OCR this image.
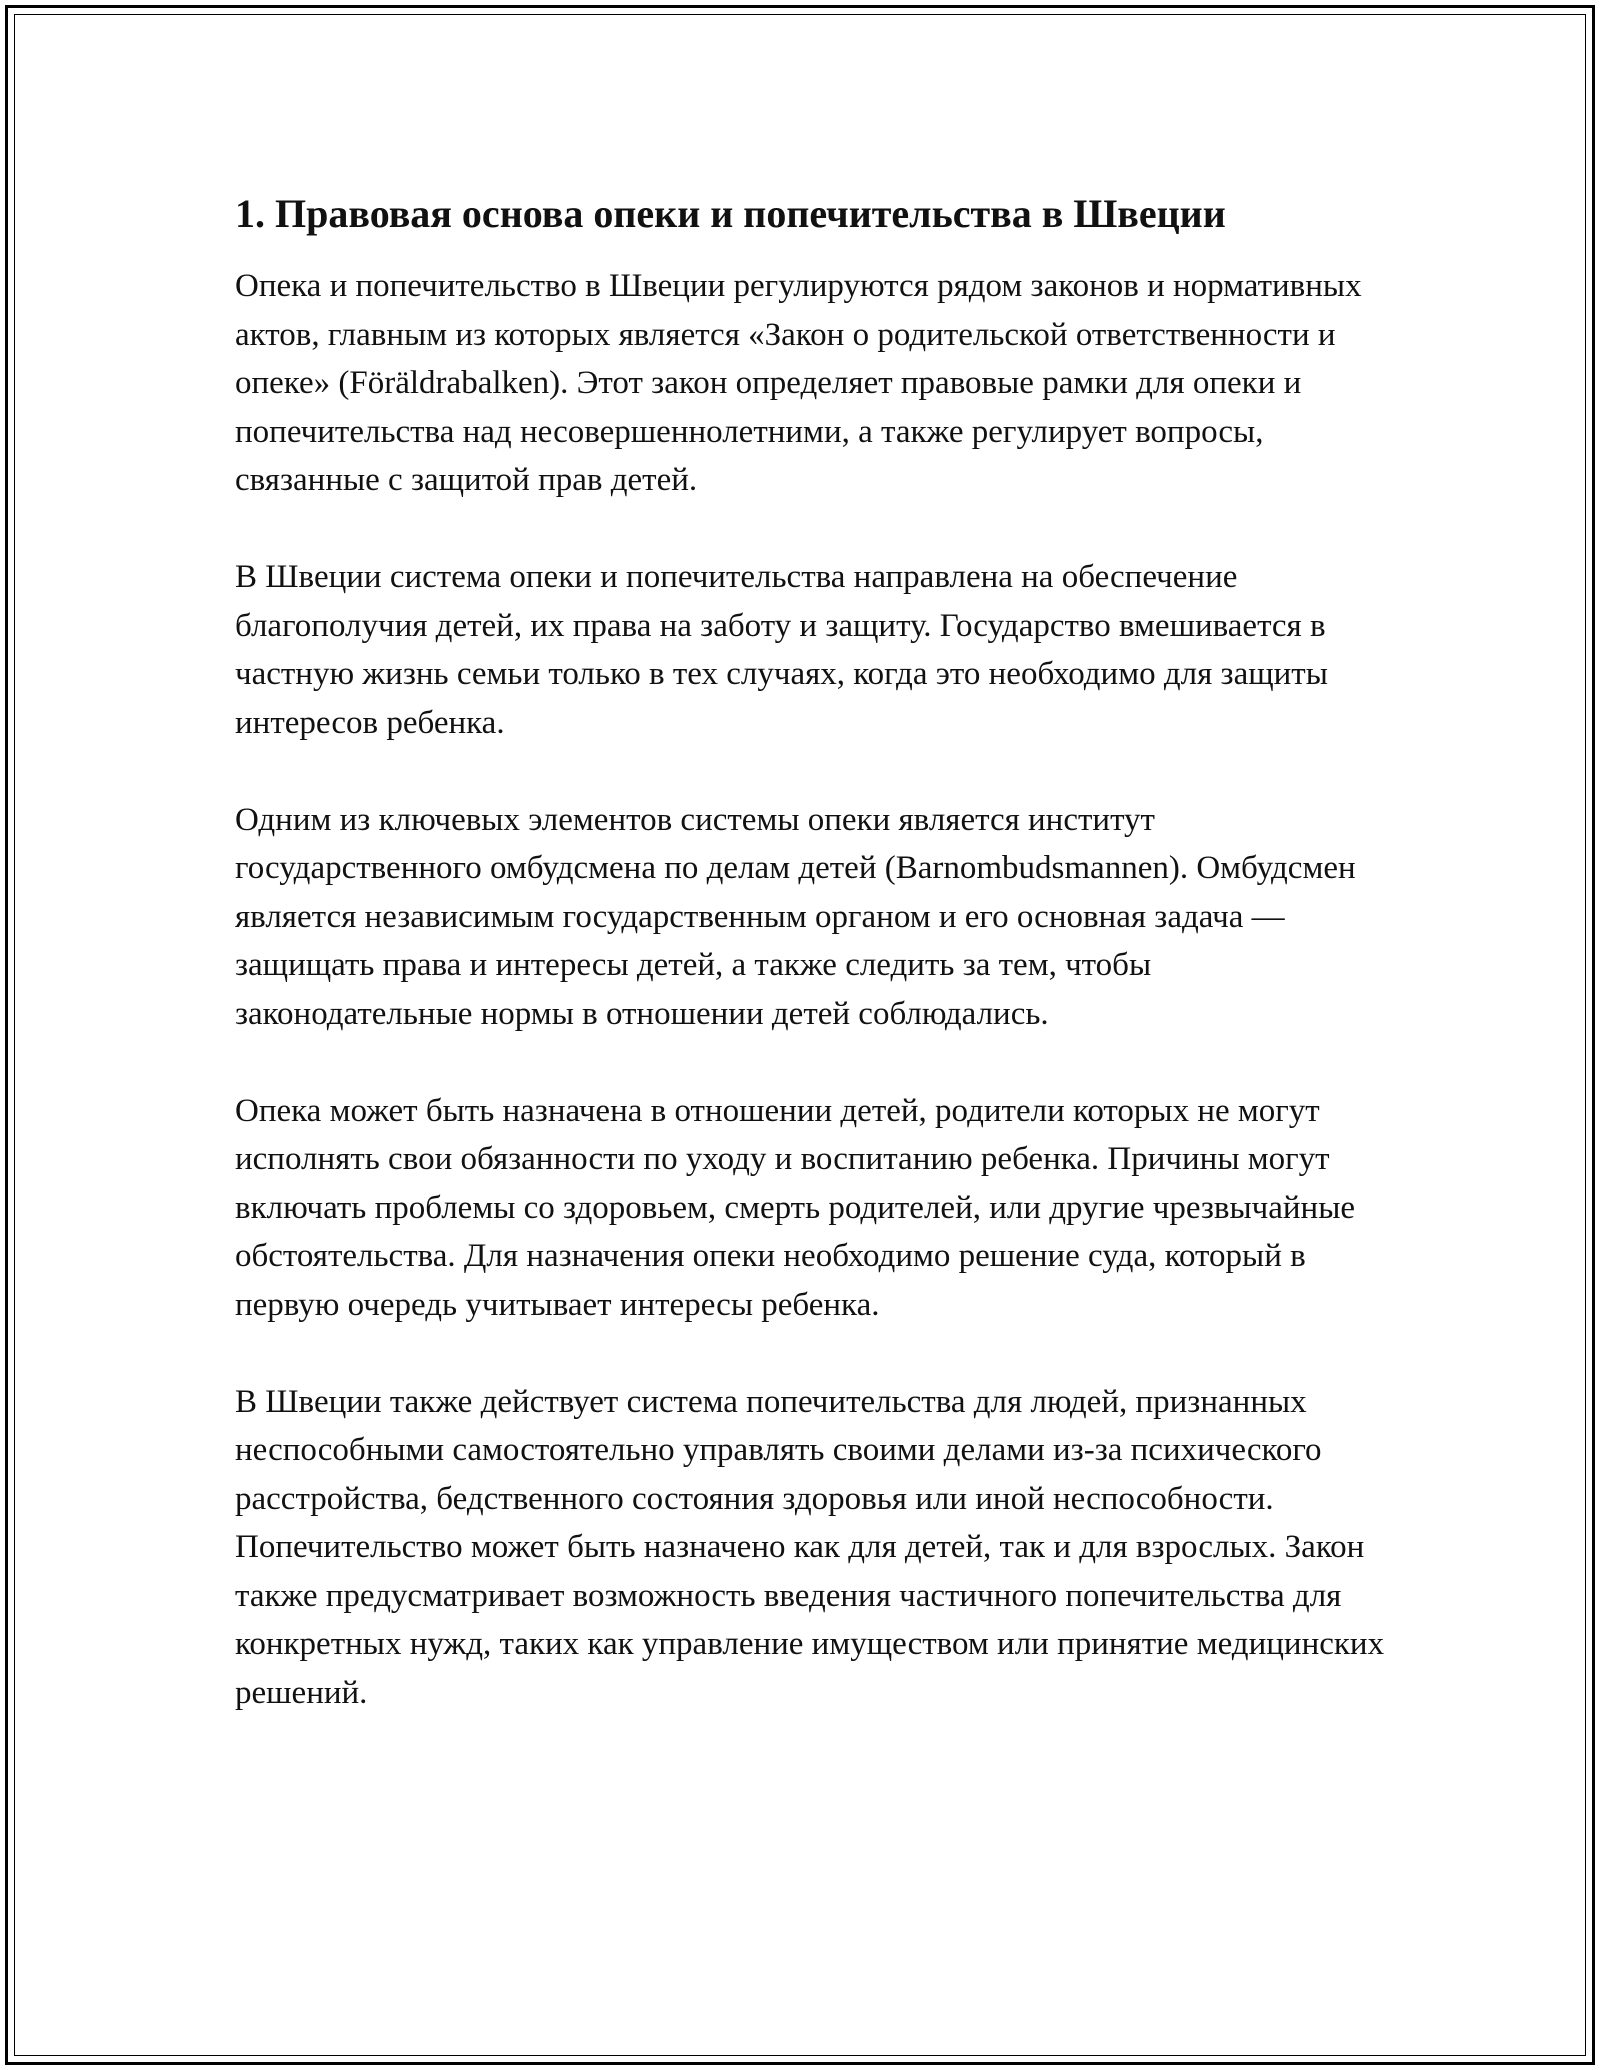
1. Правовая основа опеки и попечительства в Швеции

Опека и попечительство в Швеции регулируются рядом законов и нормативных актов, главным из которых является «Закон о родительской ответственности и опеке» (Föräldrabalken). Этот закон определяет правовые рамки для опеки и попечительства над несовершеннолетними, а также регулирует вопросы, связанные с защитой прав детей.

В Швеции система опеки и попечительства направлена на обеспечение благополучия детей, их права на заботу и защиту. Государство вмешивается в частную жизнь семьи только в тех случаях, когда это необходимо для защиты интересов ребенка.

Одним из ключевых элементов системы опеки является институт государственного омбудсмена по делам детей (Barnombudsmannen). Омбудсмен является независимым государственным органом и его основная задача — защищать права и интересы детей, а также следить за тем, чтобы законодательные нормы в отношении детей соблюдались.

Опека может быть назначена в отношении детей, родители которых не могут исполнять свои обязанности по уходу и воспитанию ребенка. Причины могут включать проблемы со здоровьем, смерть родителей, или другие чрезвычайные обстоятельства. Для назначения опеки необходимо решение суда, который в первую очередь учитывает интересы ребенка.

В Швеции также действует система попечительства для людей, признанных неспособными самостоятельно управлять своими делами из-за психического расстройства, бедственного состояния здоровья или иной неспособности. Попечительство может быть назначено как для детей, так и для взрослых. Закон также предусматривает возможность введения частичного попечительства для конкретных нужд, таких как управление имуществом или принятие медицинских решений.
